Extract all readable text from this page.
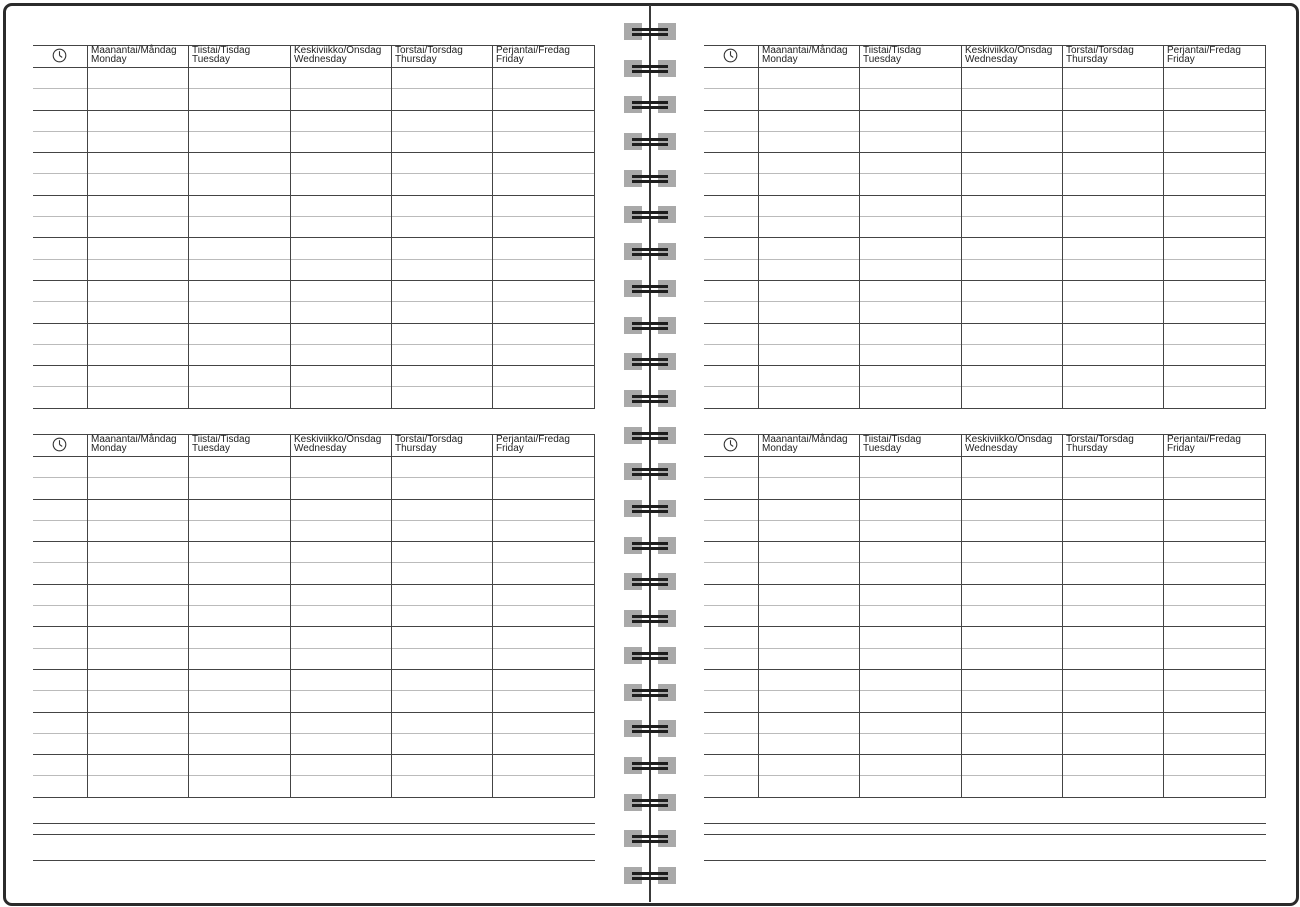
Maanantai/Måndag
Monday
Tiistai/Tisdag
Tuesday
Keskiviikko/Onsdag
Wednesday
Torstai/Torsdag
Thursday
Perjantai/Fredag
Friday
Maanantai/Måndag
Monday
Tiistai/Tisdag
Tuesday
Keskiviikko/Onsdag
Wednesday
Torstai/Torsdag
Thursday
Perjantai/Fredag
Friday
Maanantai/Måndag
Monday
Tiistai/Tisdag
Tuesday
Keskiviikko/Onsdag
Wednesday
Torstai/Torsdag
Thursday
Perjantai/Fredag
Friday
Maanantai/Måndag
Monday
Tiistai/Tisdag
Tuesday
Keskiviikko/Onsdag
Wednesday
Torstai/Torsdag
Thursday
Perjantai/Fredag
Friday
